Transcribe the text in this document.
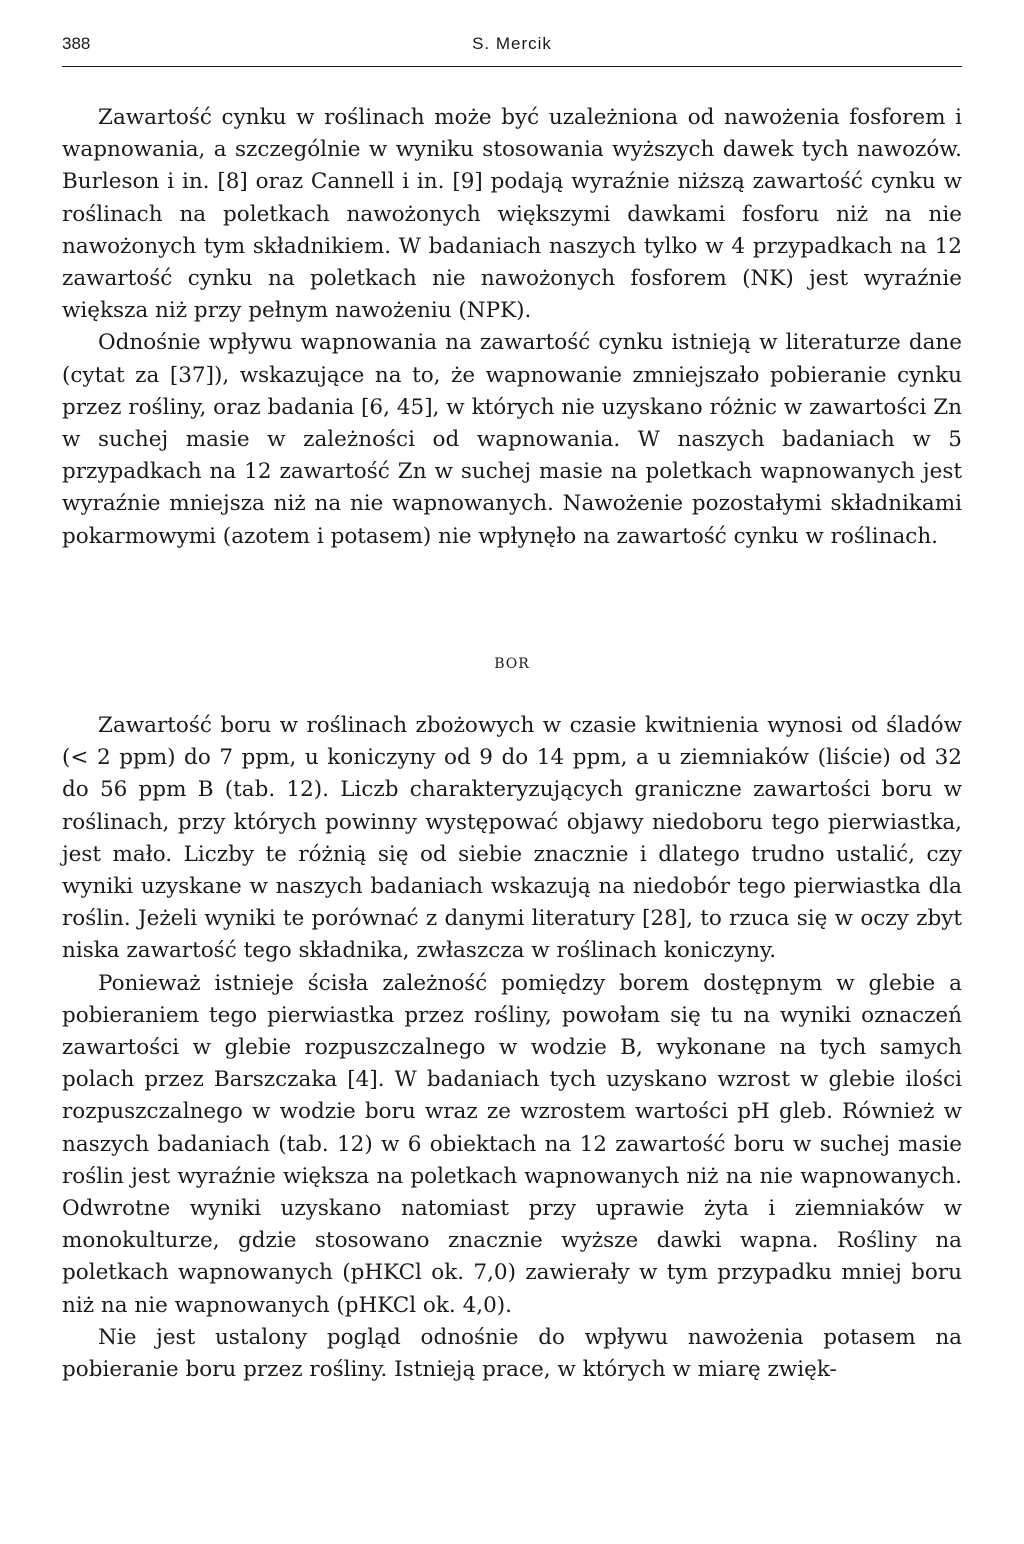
388	S. Mercik

Zawartość cynku w roślinach może być uzależniona od nawożenia fosforem i wapnowania, a szczególnie w wyniku stosowania wyższych dawek tych nawozów. Burleson i in. [8] oraz Cannell i in. [9] podają wyraźnie niższą zawartość cynku w roślinach na poletkach nawożonych większymi dawkami fosforu niż na nie nawożonych tym składnikiem. W badaniach naszych tylko w 4 przypadkach na 12 zawartość cynku na poletkach nie nawożonych fosforem (NK) jest wyraźnie większa niż przy pełnym nawożeniu (NPK).

Odnośnie wpływu wapnowania na zawartość cynku istnieją w literaturze dane (cytat za [37]), wskazujące na to, że wapnowanie zmniejszało pobieranie cynku przez rośliny, oraz badania [6, 45], w których nie uzyskano różnic w zawartości Zn w suchej masie w zależności od wapnowania. W naszych badaniach w 5 przypadkach na 12 zawartość Zn w suchej masie na poletkach wapnowanych jest wyraźnie mniejsza niż na nie wapnowanych. Nawożenie pozostałymi składnikami pokarmowymi (azotem i potasem) nie wpłynęło na zawartość cynku w roślinach.

BOR

Zawartość boru w roślinach zbożowych w czasie kwitnienia wynosi od śladów (< 2 ppm) do 7 ppm, u koniczyny od 9 do 14 ppm, a u ziemniaków (liście) od 32 do 56 ppm B (tab. 12). Liczb charakteryzujących graniczne zawartości boru w roślinach, przy których powinny występować objawy niedoboru tego pierwiastka, jest mało. Liczby te różnią się od siebie znacznie i dlatego trudno ustalić, czy wyniki uzyskane w naszych badaniach wskazują na niedobór tego pierwiastka dla roślin. Jeżeli wyniki te porównać z danymi literatury [28], to rzuca się w oczy zbyt niska zawartość tego składnika, zwłaszcza w roślinach koniczyny.

Ponieważ istnieje ścisła zależność pomiędzy borem dostępnym w glebie a pobieraniem tego pierwiastka przez rośliny, powołam się tu na wyniki oznaczeń zawartości w glebie rozpuszczalnego w wodzie B, wykonane na tych samych polach przez Barszczaka [4]. W badaniach tych uzyskano wzrost w glebie ilości rozpuszczalnego w wodzie boru wraz ze wzrostem wartości pH gleb. Również w naszych badaniach (tab. 12) w 6 obiektach na 12 zawartość boru w suchej masie roślin jest wyraźnie większa na poletkach wapnowanych niż na nie wapnowanych. Odwrotne wyniki uzyskano natomiast przy uprawie żyta i ziemniaków w monokulturze, gdzie stosowano znacznie wyższe dawki wapna. Rośliny na poletkach wapnowanych (pHKCl ok. 7,0) zawierały w tym przypadku mniej boru niż na nie wapnowanych (pHKCl ok. 4,0).

Nie jest ustalony pogląd odnośnie do wpływu nawożenia potasem na pobieranie boru przez rośliny. Istnieją prace, w których w miarę zwięk-
